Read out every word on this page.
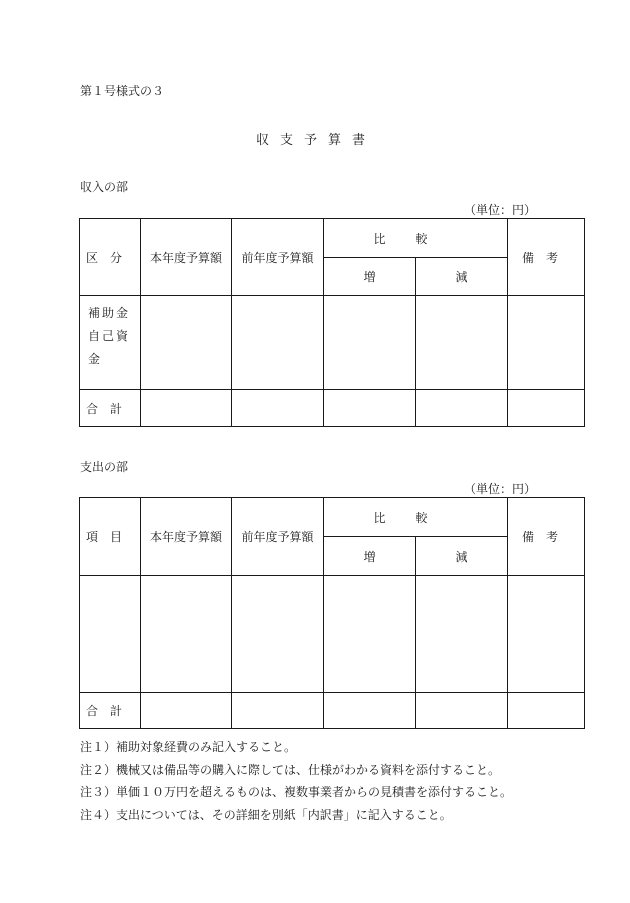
第１号様式の３
収支予算書
収入の部
（単位：円）
区分	本年度予算額	前年度予算額	比較		備考
			増	減	

補助金
自己資金					

合計					
支出の部
（単位：円）
項目	本年度予算額	前年度予算額	比較		備考
			増	減	

合計					
注１）補助対象経費のみ記入すること。
注２）機械又は備品等の購入に際しては、仕様がわかる資料を添付すること。
注３）単価１０万円を超えるものは、複数事業者からの見積書を添付すること。
注４）支出については、その詳細を別紙「内訳書」に記入すること。
